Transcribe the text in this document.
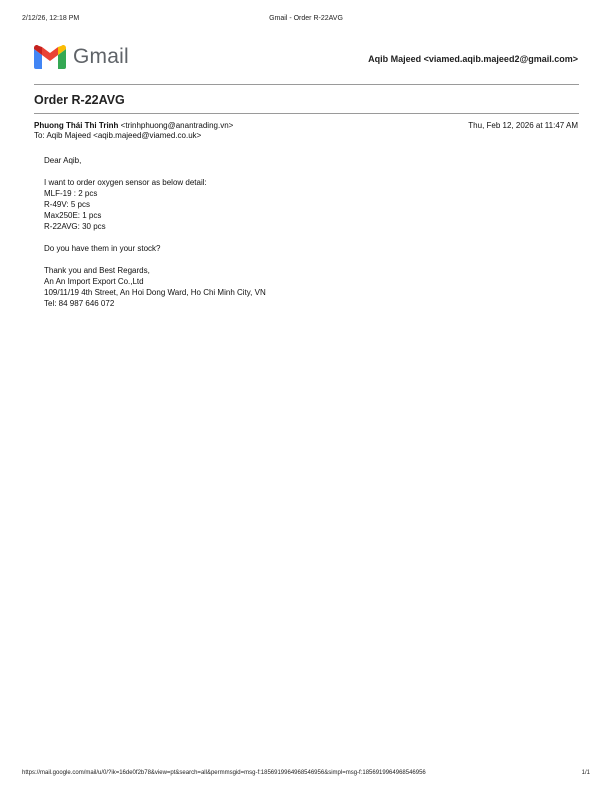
2/12/26, 12:18 PM	Gmail - Order R-22AVG
Gmail	Aqib Majeed <viamed.aqib.majeed2@gmail.com>
Order R-22AVG
Phuong Thái Thi Trinh <trinhphuong@anantrading.vn>	Thu, Feb 12, 2026 at 11:47 AM
To: Aqib Majeed <aqib.majeed@viamed.co.uk>

Dear Aqib,

I want to order oxygen sensor as below detail:

MLF-19 : 2 pcs

R-49V: 5 pcs

Max250E: 1 pcs

R-22AVG: 30 pcs

Do you have them in your stock?

Thank you and Best Regards,

An An Import Export Co.,Ltd

109/11/19 4th Street, An Hoi Dong Ward, Ho Chi Minh City, VN

Tel: 84 987 646 072

https://mail.google.com/mail/u/0/?ik=16de0f2b78&view=pt&search=all&permmsgid=msg-f:1856919964968546956&simpl=msg-f:1856919964968546956	1/1
